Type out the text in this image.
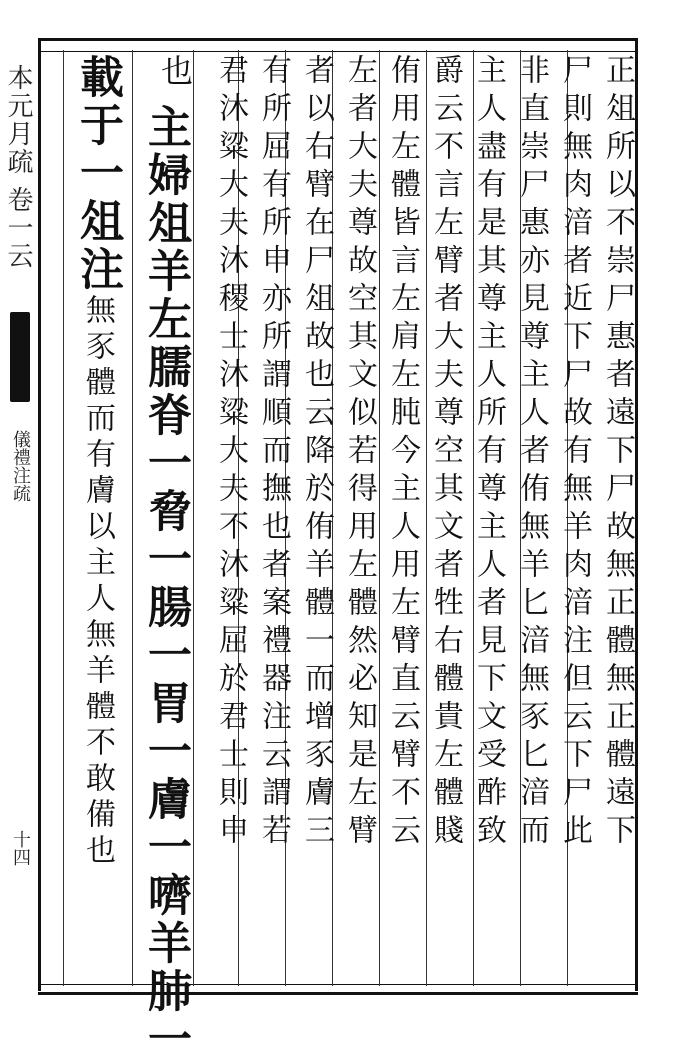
本元月疏 卷一云
儀禮注疏
十四
也
主婦俎羊左臑脊一脅一腸一胃一膚一嚌羊肺一
載于一俎注無豕體而有膚以主人無羊體不敢備也
正俎所以不崇尸惠者遠下尸故無正體無正體遠下
尸則無肉湆者近下尸故有無羊肉湆注但云下尸此
非直崇尸惠亦見尊主人者侑無羊匕湆無豕匕湆而
主人盡有是其尊主人所有尊主人者見下文受酢致
爵云不言左臂者大夫尊空其文者牲右體貴左體賤
侑用左體皆言左肩左肫今主人用左臂直云臂不云
左者大夫尊故空其文似若得用左體然必知是左臂
者以右臂在尸俎故也云降於侑羊體一而增豕膚三
有所屈有所申亦所謂順而撫也者案禮器注云謂若
君沐粱大夫沐稷士沐粱大夫不沐粱屈於君士則申
